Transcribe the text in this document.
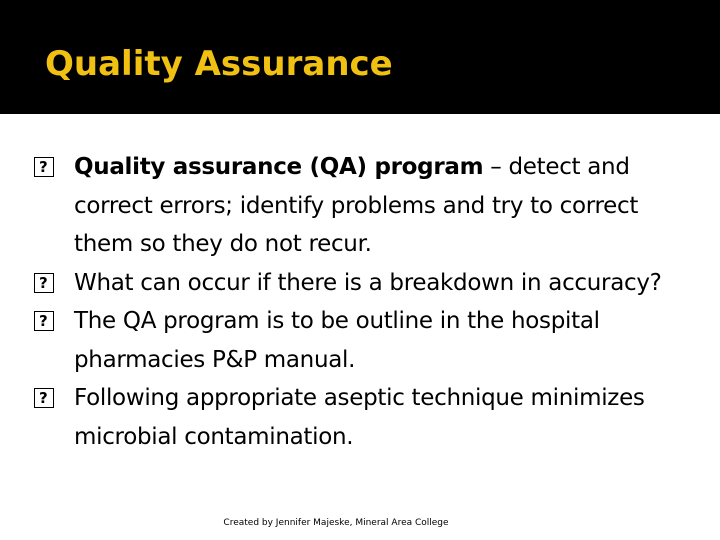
Quality Assurance
?
Quality assurance (QA) program – detect and correct errors; identify problems and try to correct them so they do not recur.
?
What can occur if there is a breakdown in accuracy?
?
The QA program is to be outline in the hospital pharmacies P&P manual.
?
Following appropriate aseptic technique minimizes microbial contamination.
Created by Jennifer Majeske, Mineral Area College
